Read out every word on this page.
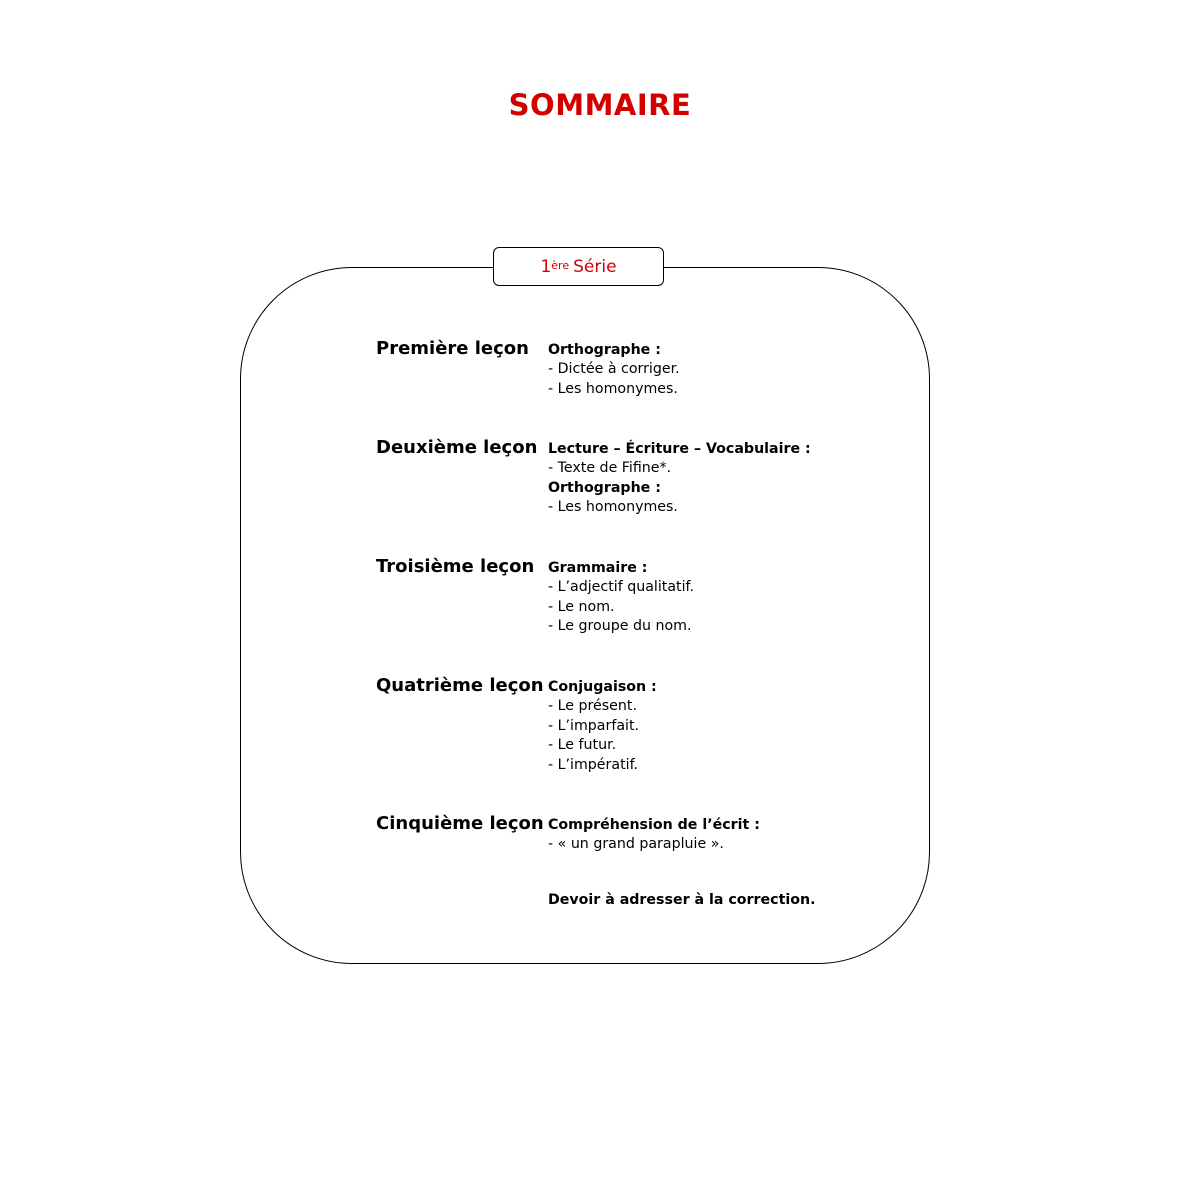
SOMMAIRE
1ère Série
Première leçon Orthographe :
- Dictée à corriger.
- Les homonymes.
Deuxième leçon Lecture – Écriture – Vocabulaire :
- Texte de Fifine*.
Orthographe :
- Les homonymes.
Troisième leçon Grammaire :
- L’adjectif qualitatif.
- Le nom.
- Le groupe du nom.
Quatrième leçon Conjugaison :
- Le présent.
- L’imparfait.
- Le futur.
- L’impératif.
Cinquième leçon Compréhension de l’écrit :
- « un grand parapluie ».
Devoir à adresser à la correction.
